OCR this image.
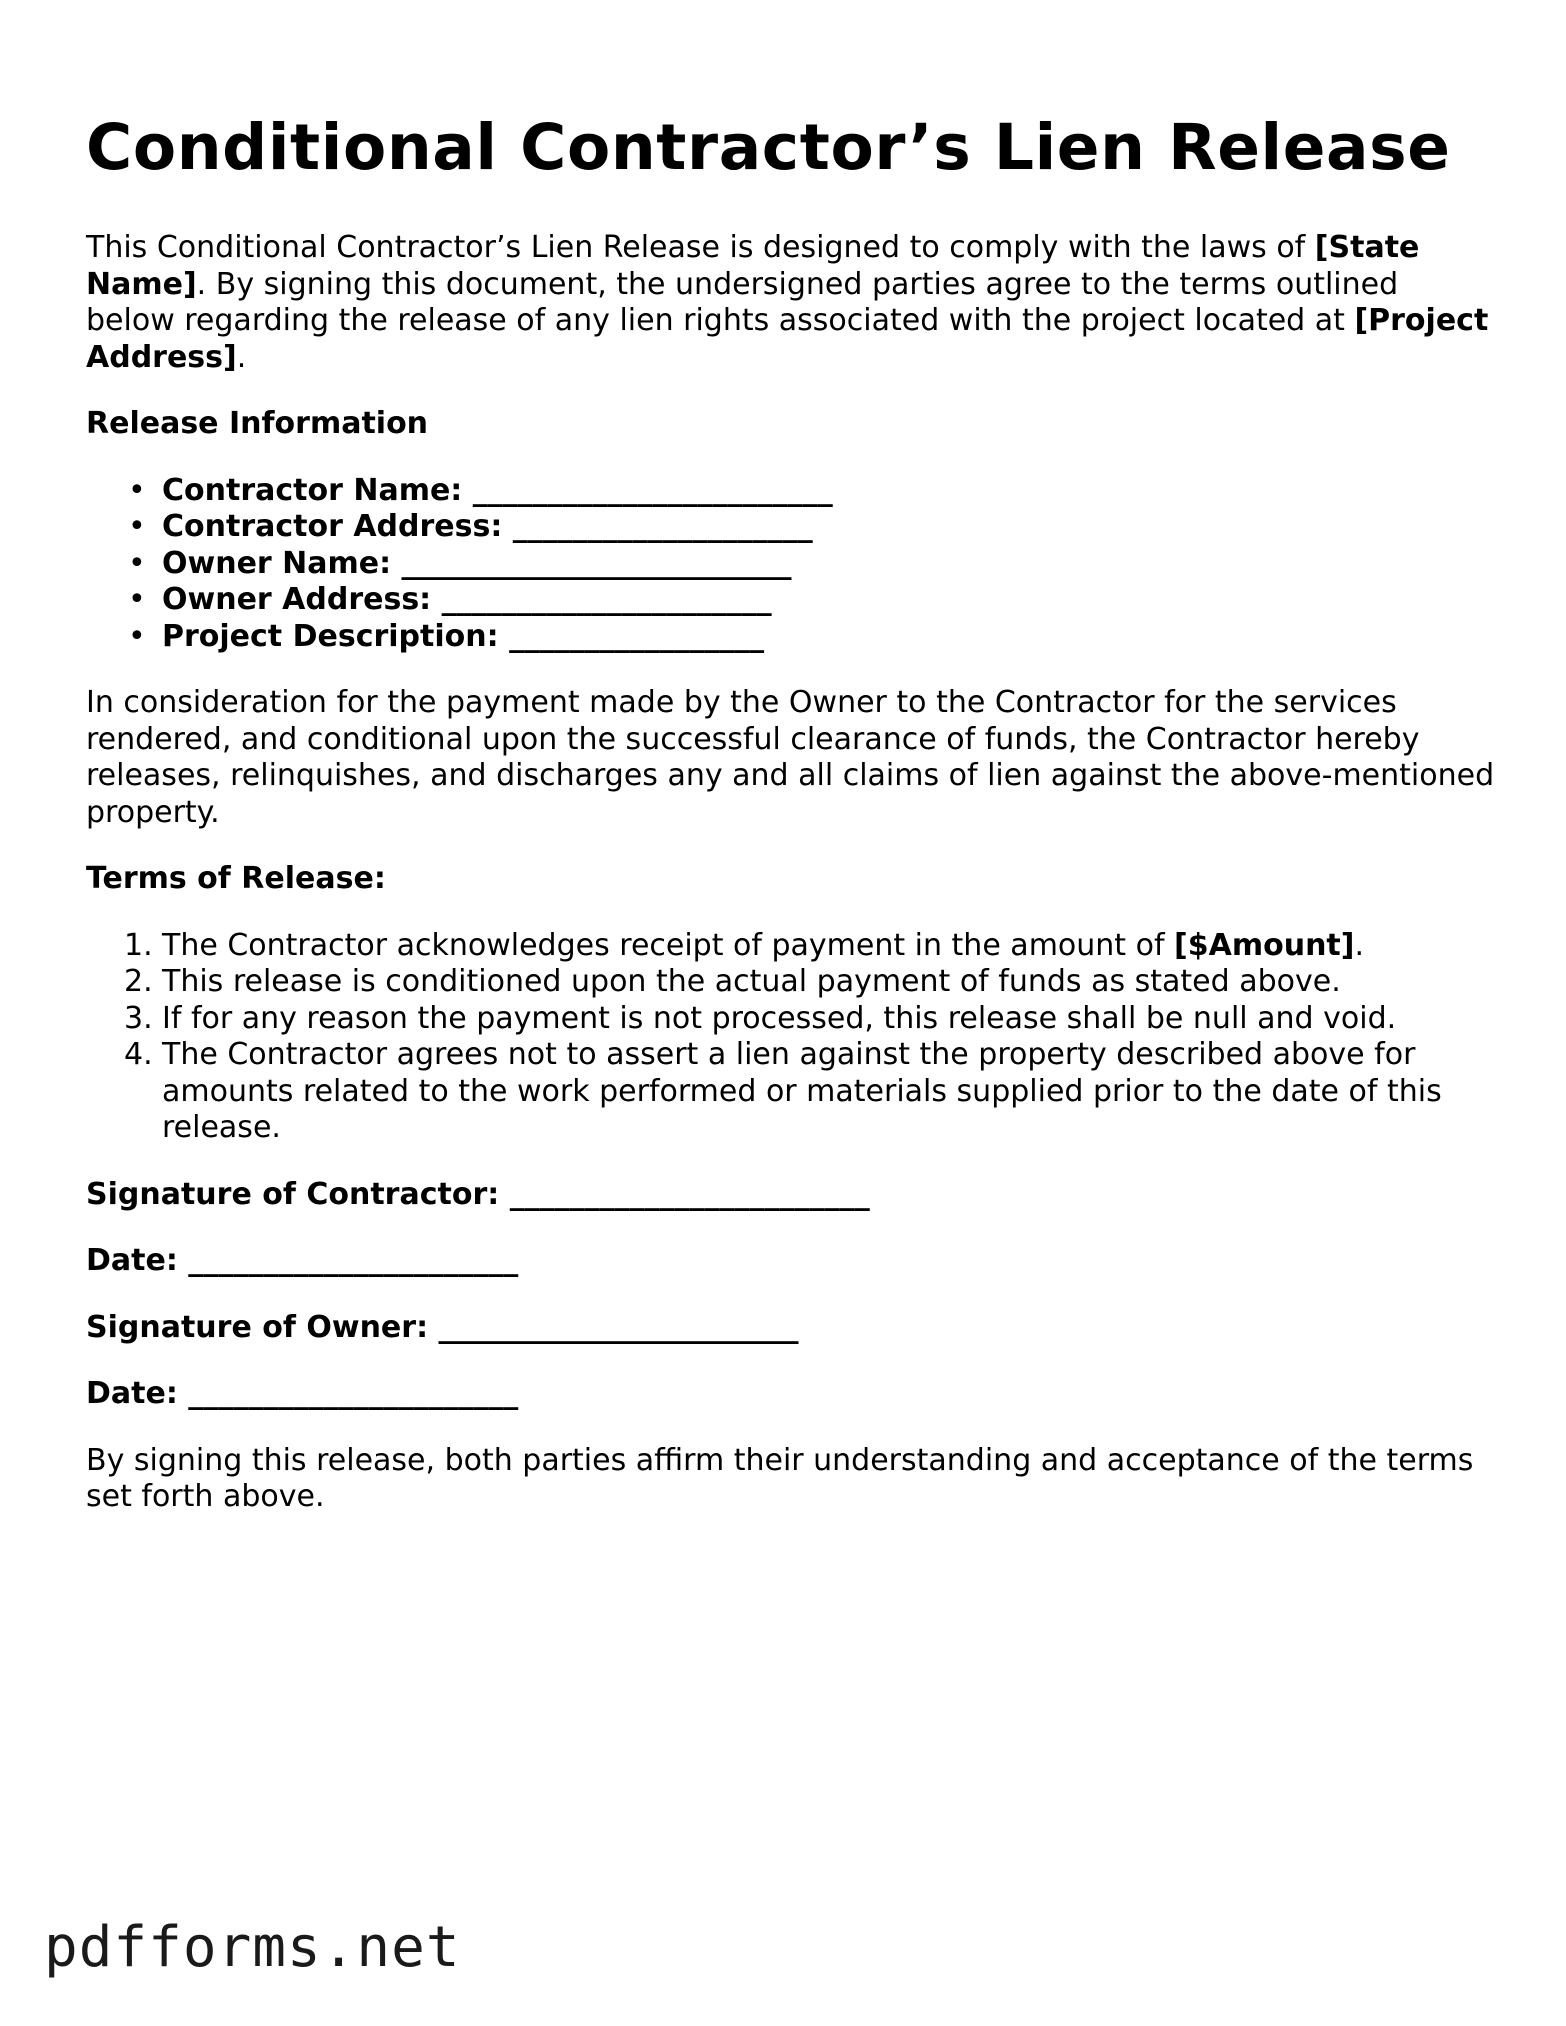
Conditional Contractor’s Lien Release

This Conditional Contractor’s Lien Release is designed to comply with the laws of [State Name]. By signing this document, the undersigned parties agree to the terms outlined below regarding the release of any lien rights associated with the project located at [Project Address].

Release Information

• Contractor Name: ________________________
• Contractor Address: ____________________
• Owner Name: __________________________
• Owner Address: ______________________
• Project Description: _________________

In consideration for the payment made by the Owner to the Contractor for the services rendered, and conditional upon the successful clearance of funds, the Contractor hereby releases, relinquishes, and discharges any and all claims of lien against the above-mentioned property.

Terms of Release:

1. The Contractor acknowledges receipt of payment in the amount of [$Amount].
2. This release is conditioned upon the actual payment of funds as stated above.
3. If for any reason the payment is not processed, this release shall be null and void.
4. The Contractor agrees not to assert a lien against the property described above for amounts related to the work performed or materials supplied prior to the date of this release.

Signature of Contractor: ________________________

Date: ______________________

Signature of Owner: ________________________

Date: ______________________

By signing this release, both parties affirm their understanding and acceptance of the terms set forth above.

pdfforms.net
